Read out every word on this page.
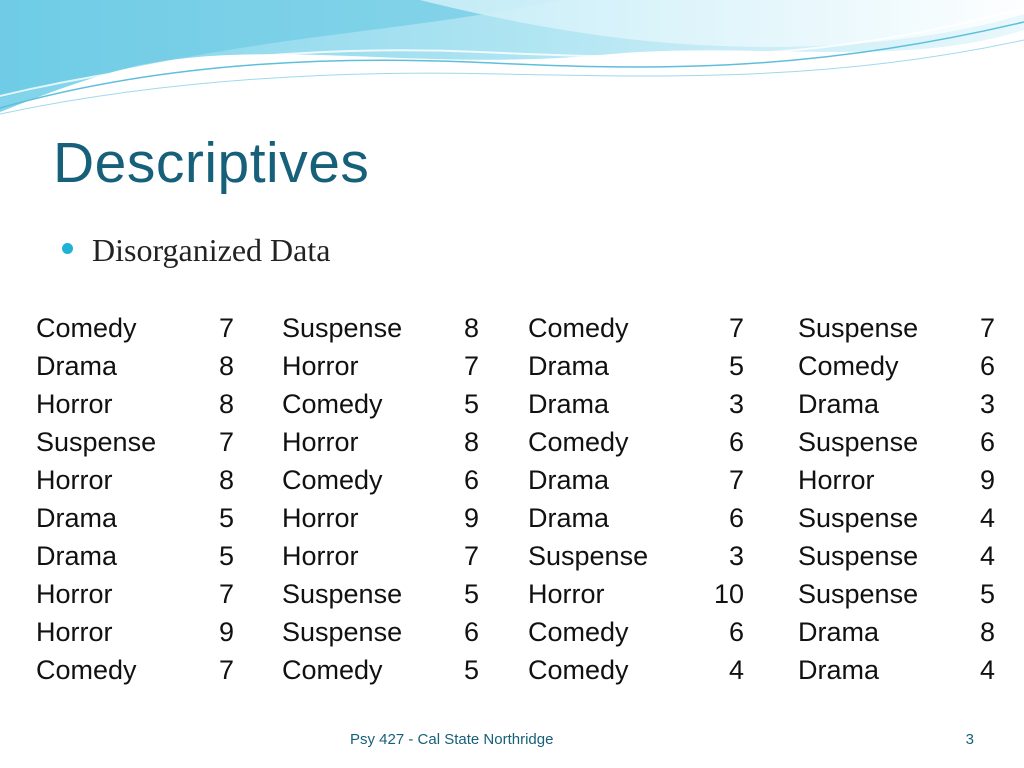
Descriptives
Disorganized Data
Comedy	7 Suspense	8 Comedy	7 Suspense	7
Drama	8 Horror	7 Drama	5 Comedy	6
Horror	8 Comedy	5 Drama	3 Drama	3
Suspense	7 Horror	8 Comedy	6 Suspense	6
Horror	8 Comedy	6 Drama	7 Horror	9
Drama	5 Horror	9 Drama	6 Suspense	4
Drama	5 Horror	7 Suspense	3 Suspense	4
Horror	7 Suspense	5 Horror	10 Suspense	5
Horror	9 Suspense	6 Comedy	6 Drama	8
Comedy	7 Comedy	5 Comedy	4 Drama	4
Psy 427 - Cal State Northridge	3
